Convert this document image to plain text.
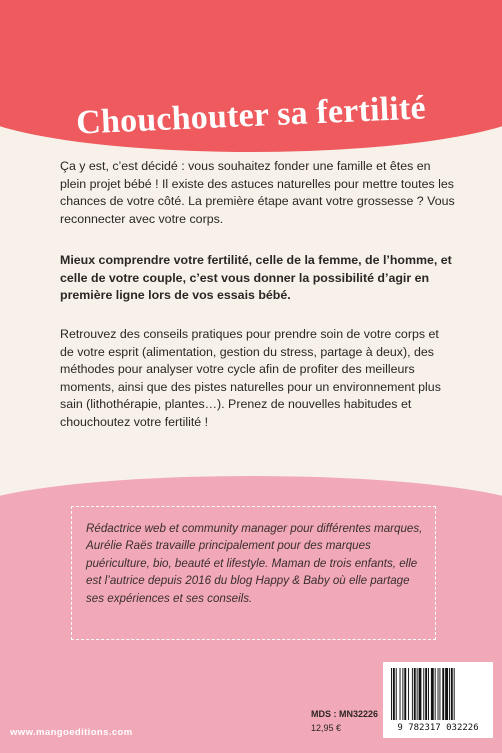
Chouchouter sa fertilité

Ça y est, c’est décidé : vous souhaitez fonder une famille et êtes en plein projet bébé ! Il existe des astuces naturelles pour mettre toutes les chances de votre côté. La première étape avant votre grossesse ? Vous reconnecter avec votre corps.

Mieux comprendre votre fertilité, celle de la femme, de l’homme, et celle de votre couple, c’est vous donner la possibilité d’agir en première ligne lors de vos essais bébé.

Retrouvez des conseils pratiques pour prendre soin de votre corps et de votre esprit (alimentation, gestion du stress, partage à deux), des méthodes pour analyser votre cycle afin de profiter des meilleurs moments, ainsi que des pistes naturelles pour un environnement plus sain (lithothérapie, plantes…). Prenez de nouvelles habitudes et chouchoutez votre fertilité !

Rédactrice web et community manager pour différentes marques, Aurélie Raës travaille principalement pour des marques puériculture, bio, beauté et lifestyle. Maman de trois enfants, elle est l’autrice depuis 2016 du blog Happy & Baby où elle partage ses expériences et ses conseils.

www.mangoeditions.com
MDS : MN32226
12,95 €	9 782317 032226
